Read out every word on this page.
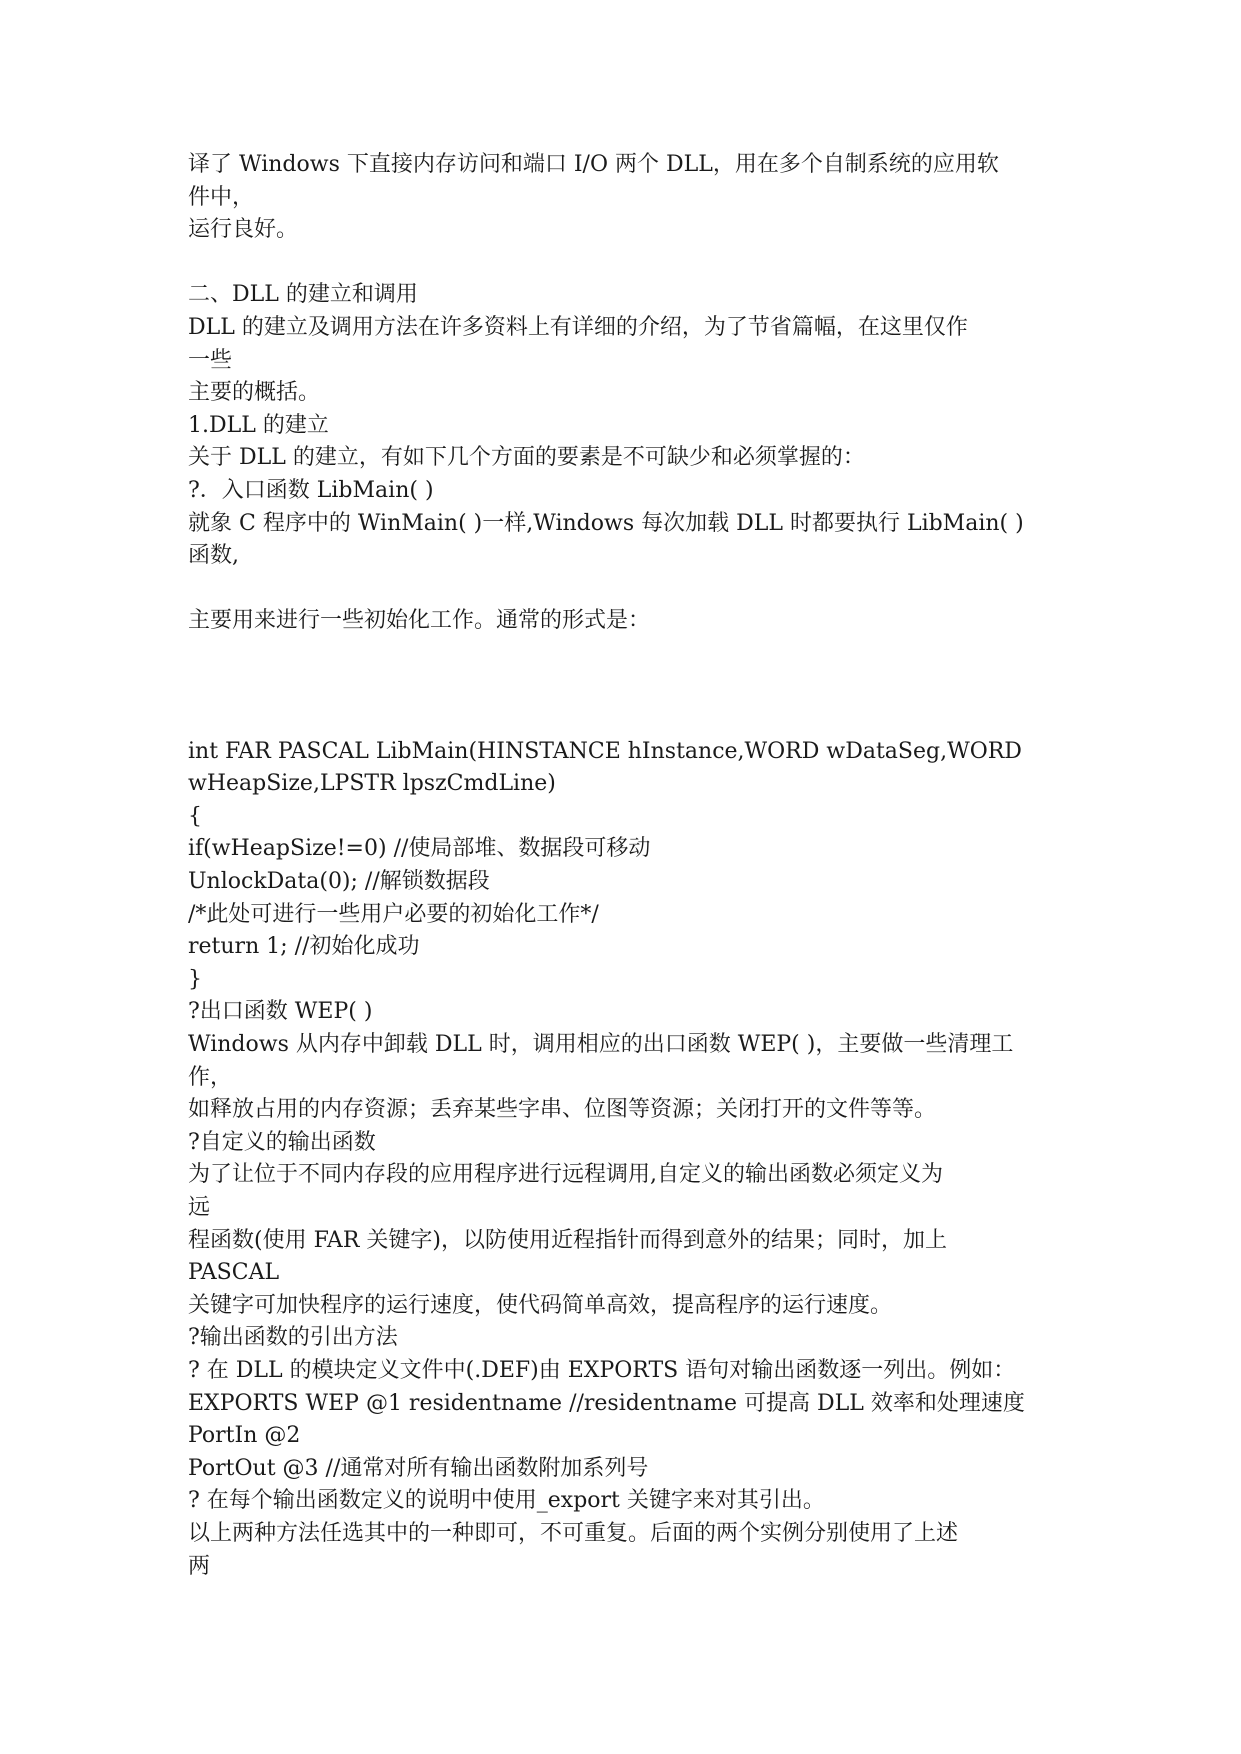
译了 Windows 下直接内存访问和端口 I/O 两个 DLL，用在多个自制系统的应用软
件中，
运行良好。
二、DLL 的建立和调用
DLL 的建立及调用方法在许多资料上有详细的介绍，为了节省篇幅，在这里仅作
一些
主要的概括。
1.DLL 的建立
关于 DLL 的建立，有如下几个方面的要素是不可缺少和必须掌握的：
?．入口函数 LibMain( )
就象 C 程序中的 WinMain( )一样,Windows 每次加载 DLL 时都要执行 LibMain( )
函数,
主要用来进行一些初始化工作。通常的形式是：
int FAR PASCAL LibMain(HINSTANCE hInstance,WORD wDataSeg,WORD
wHeapSize,LPSTR lpszCmdLine)
{
if(wHeapSize!=0) //使局部堆、数据段可移动
UnlockData(0); //解锁数据段
/*此处可进行一些用户必要的初始化工作*/
return 1; //初始化成功
}
?出口函数 WEP( )
Windows 从内存中卸载 DLL 时，调用相应的出口函数 WEP( )，主要做一些清理工
作，
如释放占用的内存资源；丢弃某些字串、位图等资源；关闭打开的文件等等。
?自定义的输出函数
为了让位于不同内存段的应用程序进行远程调用,自定义的输出函数必须定义为
远
程函数(使用 FAR 关键字)，以防使用近程指针而得到意外的结果；同时，加上
PASCAL
关键字可加快程序的运行速度，使代码简单高效，提高程序的运行速度。
?输出函数的引出方法
? 在 DLL 的模块定义文件中(.DEF)由 EXPORTS 语句对输出函数逐一列出。例如：
EXPORTS WEP @1 residentname //residentname 可提高 DLL 效率和处理速度
PortIn @2
PortOut @3 //通常对所有输出函数附加系列号
? 在每个输出函数定义的说明中使用_export 关键字来对其引出。
以上两种方法任选其中的一种即可，不可重复。后面的两个实例分别使用了上述
两
